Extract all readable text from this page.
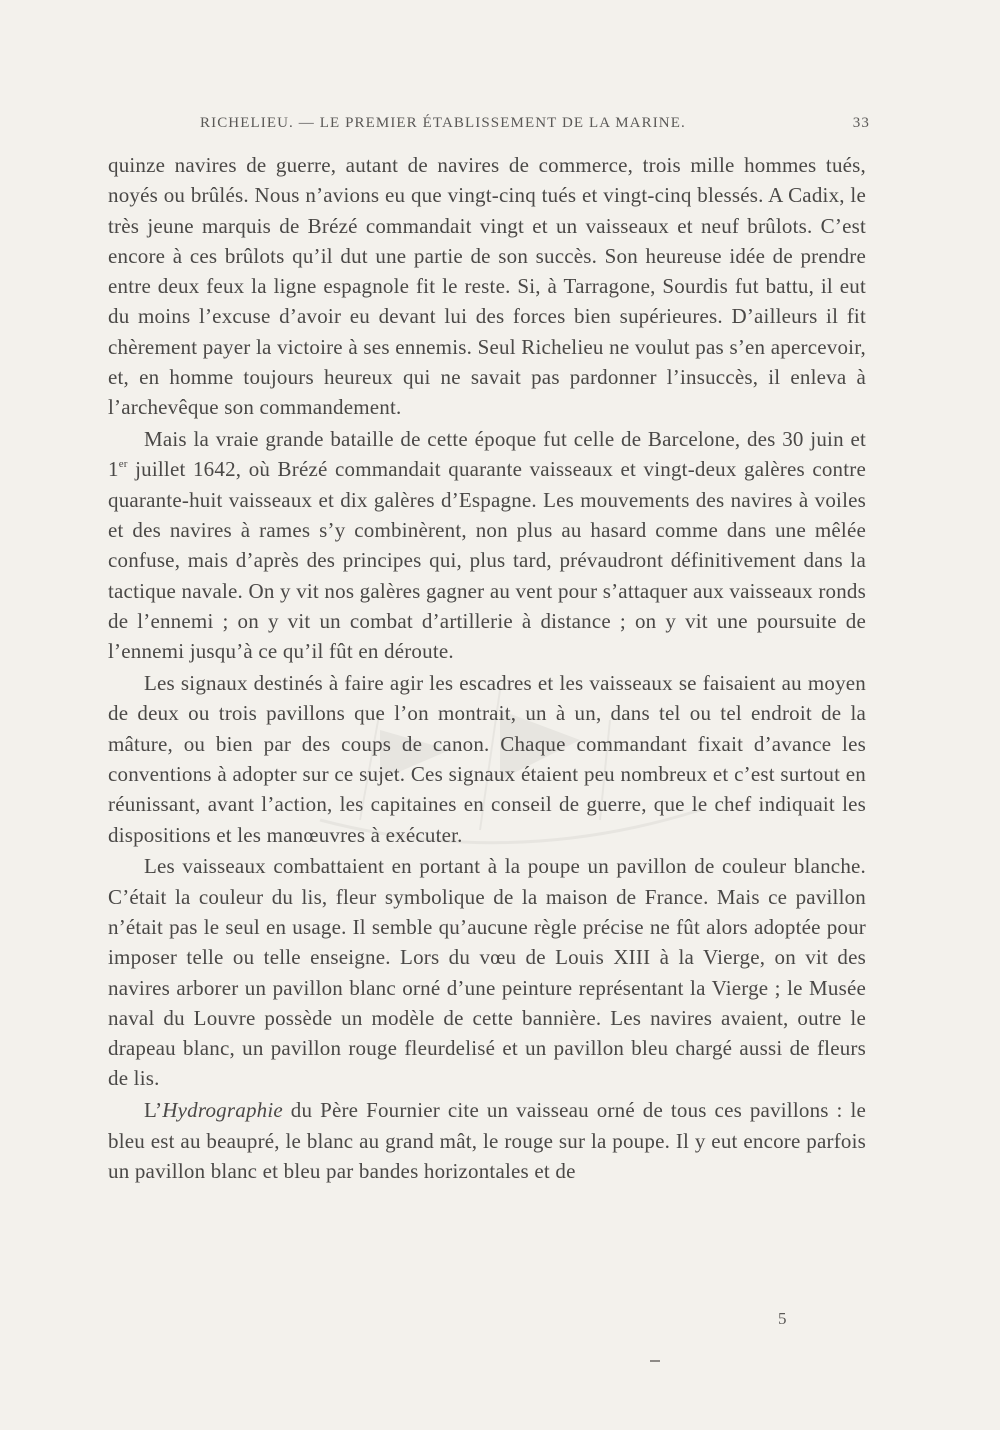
RICHELIEU. — LE PREMIER ÉTABLISSEMENT DE LA MARINE.	33

quinze navires de guerre, autant de navires de commerce, trois mille hommes tués, noyés ou brûlés. Nous n’avions eu que vingt-cinq tués et vingt-cinq blessés. A Cadix, le très jeune marquis de Brézé commandait vingt et un vaisseaux et neuf brûlots. C’est encore à ces brûlots qu’il dut une partie de son succès. Son heureuse idée de prendre entre deux feux la ligne espagnole fit le reste. Si, à Tarragone, Sourdis fut battu, il eut du moins l’excuse d’avoir eu devant lui des forces bien supérieures. D’ailleurs il fit chèrement payer la victoire à ses ennemis. Seul Richelieu ne voulut pas s’en apercevoir, et, en homme toujours heureux qui ne savait pas pardonner l’insuccès, il enleva à l’archevêque son commandement.

Mais la vraie grande bataille de cette époque fut celle de Barcelone, des 30 juin et 1er juillet 1642, où Brézé commandait quarante vaisseaux et vingt-deux galères contre quarante-huit vaisseaux et dix galères d’Espagne. Les mouvements des navires à voiles et des navires à rames s’y combinèrent, non plus au hasard comme dans une mêlée confuse, mais d’après des principes qui, plus tard, prévaudront définitivement dans la tactique navale. On y vit nos galères gagner au vent pour s’attaquer aux vaisseaux ronds de l’ennemi ; on y vit un combat d’artillerie à distance ; on y vit une poursuite de l’ennemi jusqu’à ce qu’il fût en déroute.

Les signaux destinés à faire agir les escadres et les vaisseaux se faisaient au moyen de deux ou trois pavillons que l’on montrait, un à un, dans tel ou tel endroit de la mâture, ou bien par des coups de canon. Chaque commandant fixait d’avance les conventions à adopter sur ce sujet. Ces signaux étaient peu nombreux et c’est surtout en réunissant, avant l’action, les capitaines en conseil de guerre, que le chef indiquait les dispositions et les manœuvres à exécuter.

Les vaisseaux combattaient en portant à la poupe un pavillon de couleur blanche. C’était la couleur du lis, fleur symbolique de la maison de France. Mais ce pavillon n’était pas le seul en usage. Il semble qu’aucune règle précise ne fût alors adoptée pour imposer telle ou telle enseigne. Lors du vœu de Louis XIII à la Vierge, on vit des navires arborer un pavillon blanc orné d’une peinture représentant la Vierge ; le Musée naval du Louvre possède un modèle de cette bannière. Les navires avaient, outre le drapeau blanc, un pavillon rouge fleurdelisé et un pavillon bleu chargé aussi de fleurs de lis.

L’Hydrographie du Père Fournier cite un vaisseau orné de tous ces pavillons : le bleu est au beaupré, le blanc au grand mât, le rouge sur la poupe. Il y eut encore parfois un pavillon blanc et bleu par bandes horizontales et de

5
